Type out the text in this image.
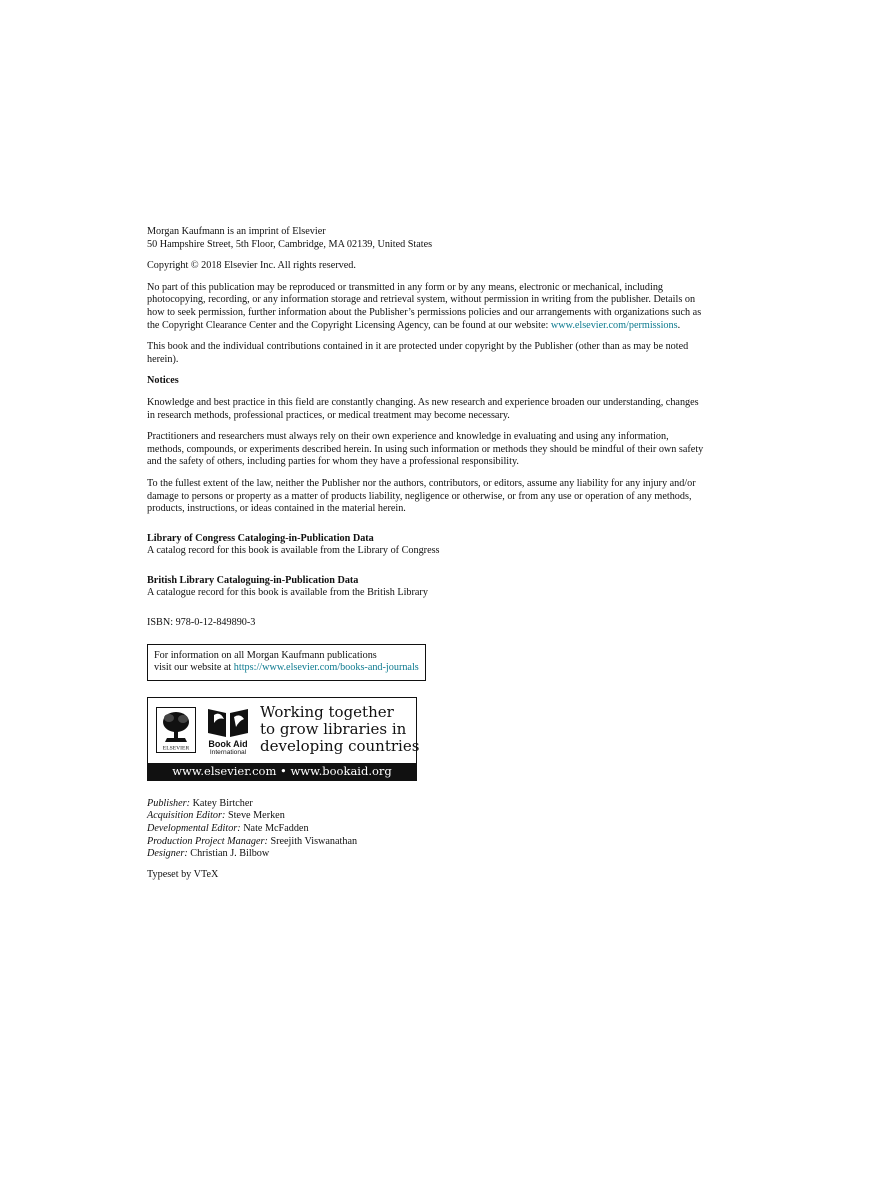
Morgan Kaufmann is an imprint of Elsevier
50 Hampshire Street, 5th Floor, Cambridge, MA 02139, United States

Copyright © 2018 Elsevier Inc. All rights reserved.

No part of this publication may be reproduced or transmitted in any form or by any means, electronic or mechanical, including
photocopying, recording, or any information storage and retrieval system, without permission in writing from the publisher. Details on
how to seek permission, further information about the Publisher’s permissions policies and our arrangements with organizations such as
the Copyright Clearance Center and the Copyright Licensing Agency, can be found at our website: www.elsevier.com/permissions.

This book and the individual contributions contained in it are protected under copyright by the Publisher (other than as may be noted
herein).

Notices

Knowledge and best practice in this field are constantly changing. As new research and experience broaden our understanding, changes
in research methods, professional practices, or medical treatment may become necessary.

Practitioners and researchers must always rely on their own experience and knowledge in evaluating and using any information,
methods, compounds, or experiments described herein. In using such information or methods they should be mindful of their own safety
and the safety of others, including parties for whom they have a professional responsibility.

To the fullest extent of the law, neither the Publisher nor the authors, contributors, or editors, assume any liability for any injury and/or
damage to persons or property as a matter of products liability, negligence or otherwise, or from any use or operation of any methods,
products, instructions, or ideas contained in the material herein.

Library of Congress Cataloging-in-Publication Data
A catalog record for this book is available from the Library of Congress

British Library Cataloguing-in-Publication Data
A catalogue record for this book is available from the British Library

ISBN: 978-0-12-849890-3

For information on all Morgan Kaufmann publications
visit our website at https://www.elsevier.com/books-and-journals
ELSEVIER Book Aid
International
Working together
to grow libraries in
developing countries
www.elsevier.com • www.bookaid.org
Publisher: Katey Birtcher
Acquisition Editor: Steve Merken
Developmental Editor: Nate McFadden
Production Project Manager: Sreejith Viswanathan
Designer: Christian J. Bilbow

Typeset by VTeX
